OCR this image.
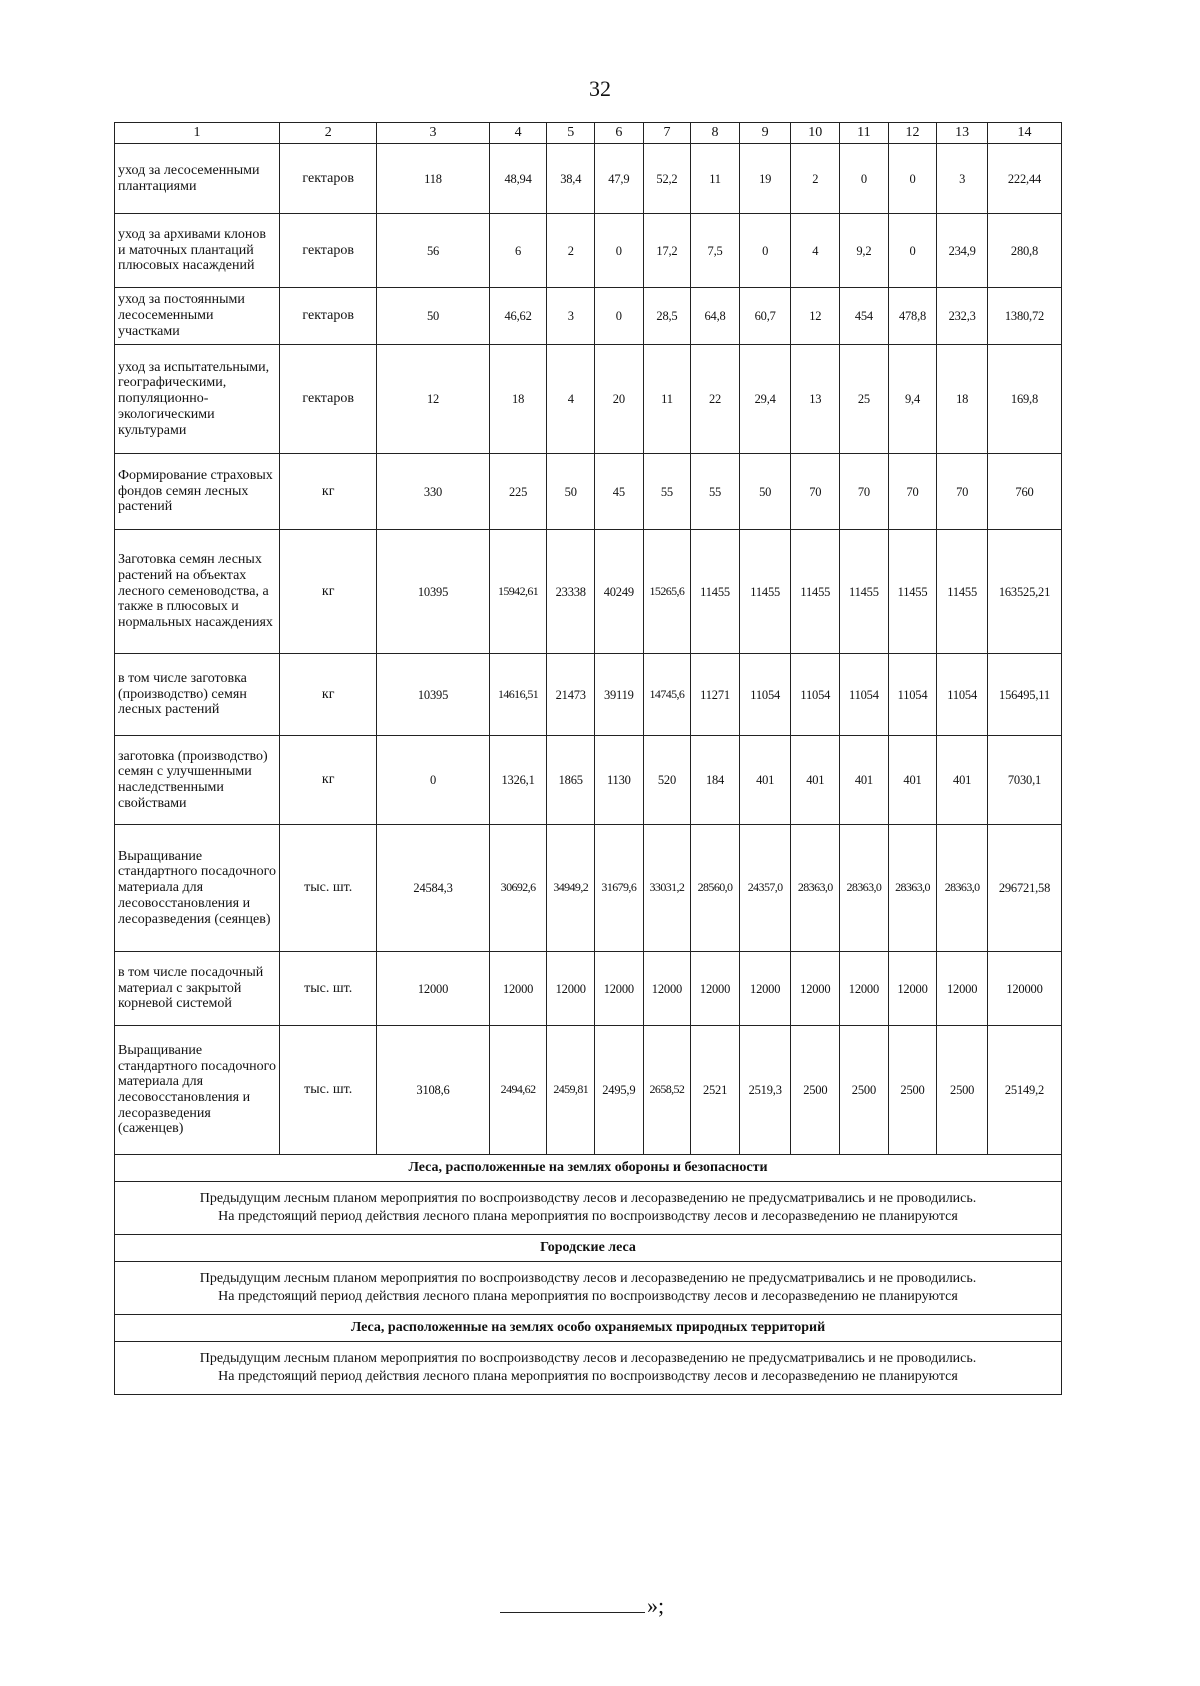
32
1	2	3	4	5	6	7	8	9	10	11	12	13	14
уход за лесосеменными плантациями	гектаров	118	48,94	38,4	47,9	52,2	11	19	2	0	0	3	222,44
уход за архивами клонов и маточных плантаций плюсовых насаждений	гектаров	56	6	2	0	17,2	7,5	0	4	9,2	0	234,9	280,8
уход за постоянными лесосеменными участками	гектаров	50	46,62	3	0	28,5	64,8	60,7	12	454	478,8	232,3	1380,72
уход за испытательными, географическими, популяционно-экологическими культурами	гектаров	12	18	4	20	11	22	29,4	13	25	9,4	18	169,8
Формирование страховых фондов семян лесных растений	кг	330	225	50	45	55	55	50	70	70	70	70	760
Заготовка семян лесных растений на объектах лесного семеноводства, а также в плюсовых и нормальных насаждениях	кг	10395	15942,61	23338	40249	15265,6	11455	11455	11455	11455	11455	11455	163525,21
в том числе заготовка (производство) семян лесных растений	кг	10395	14616,51	21473	39119	14745,6	11271	11054	11054	11054	11054	11054	156495,11
заготовка (производство) семян с улучшенными наследственными свойствами	кг	0	1326,1	1865	1130	520	184	401	401	401	401	401	7030,1
Выращивание стандартного посадочного материала для лесовосстановления и лесоразведения (сеянцев)	тыс. шт.	24584,3	30692,6	34949,2	31679,6	33031,2	28560,0	24357,0	28363,0	28363,0	28363,0	28363,0	296721,58
в том числе посадочный материал с закрытой корневой системой	тыс. шт.	12000	12000	12000	12000	12000	12000	12000	12000	12000	12000	12000	120000
Выращивание стандартного посадочного материала для лесовосстановления и лесоразведения (саженцев)	тыс. шт.	3108,6	2494,62	2459,81	2495,9	2658,52	2521	2519,3	2500	2500	2500	2500	25149,2
Леса, расположенные на землях обороны и безопасности													

Предыдущим лесным планом мероприятия по воспроизводству лесов и лесоразведению не предусматривались и не проводились.
На предстоящий период действия лесного плана мероприятия по воспроизводству лесов и лесоразведению не планируются													

Городские леса													

Предыдущим лесным планом мероприятия по воспроизводству лесов и лесоразведению не предусматривались и не проводились.
На предстоящий период действия лесного плана мероприятия по воспроизводству лесов и лесоразведению не планируются													

Леса, расположенные на землях особо охраняемых природных территорий													

Предыдущим лесным планом мероприятия по воспроизводству лесов и лесоразведению не предусматривались и не проводились.
На предстоящий период действия лесного плана мероприятия по воспроизводству лесов и лесоразведению не планируются													
»;
